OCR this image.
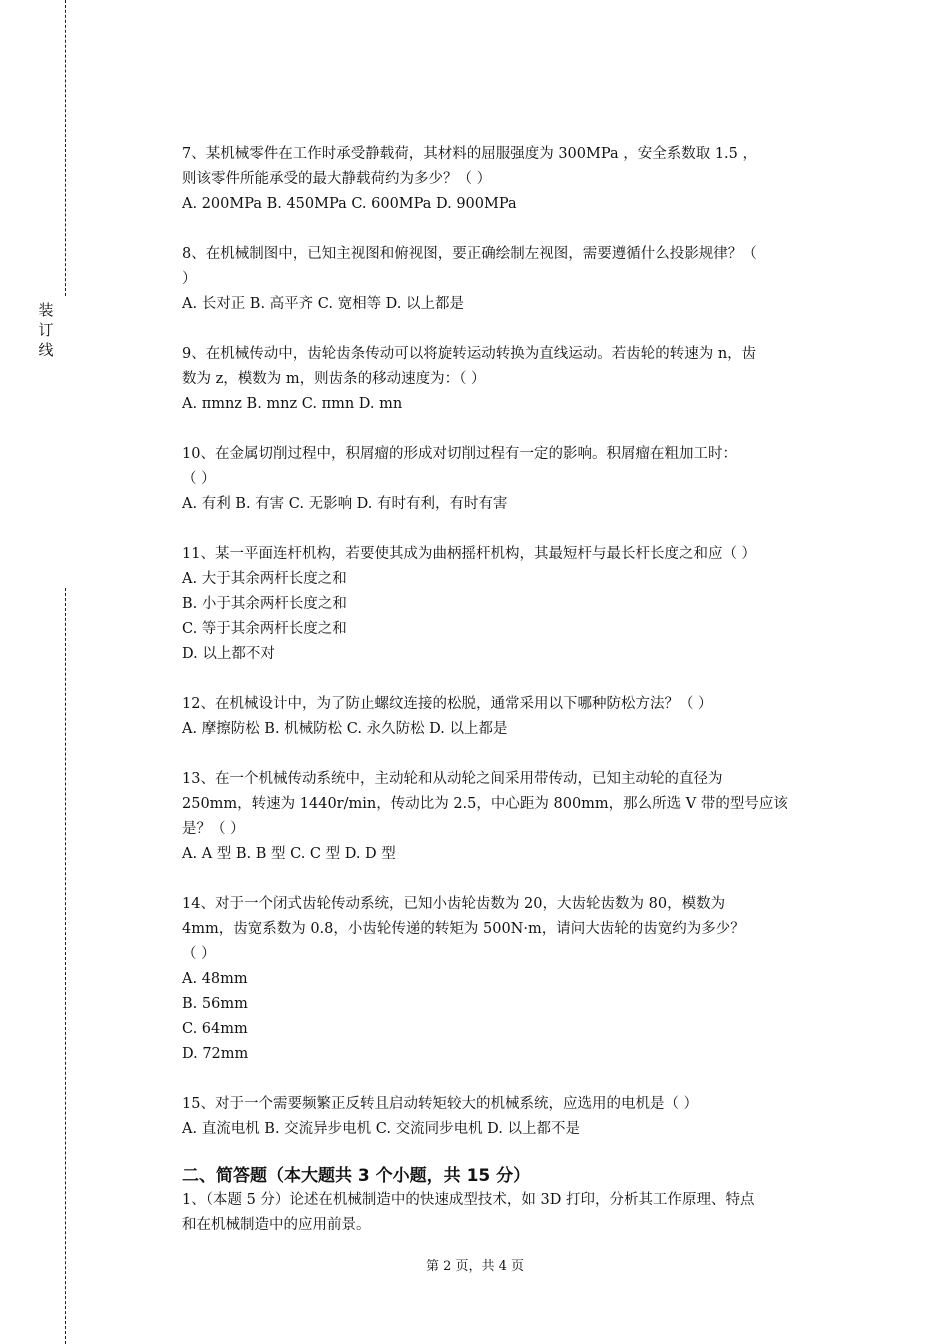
装
订
线
7、某机械零件在工作时承受静载荷，其材料的屈服强度为 300MPa ，安全系数取 1.5 ，
则该零件所能承受的最大静载荷约为多少？（ ）
A. 200MPa B. 450MPa C. 600MPa D. 900MPa
8、在机械制图中，已知主视图和俯视图，要正确绘制左视图，需要遵循什么投影规律？（
）
A. 长对正 B. 高平齐 C. 宽相等 D. 以上都是
9、在机械传动中，齿轮齿条传动可以将旋转运动转换为直线运动。若齿轮的转速为 n，齿
数为 z，模数为 m，则齿条的移动速度为：（ ）
A. πmnz B. mnz C. πmn D. mn
10、在金属切削过程中，积屑瘤的形成对切削过程有一定的影响。积屑瘤在粗加工时：
（ ）
A. 有利 B. 有害 C. 无影响 D. 有时有利，有时有害
11、某一平面连杆机构，若要使其成为曲柄摇杆机构，其最短杆与最长杆长度之和应（ ）
A. 大于其余两杆长度之和
B. 小于其余两杆长度之和
C. 等于其余两杆长度之和
D. 以上都不对
12、在机械设计中，为了防止螺纹连接的松脱，通常采用以下哪种防松方法？（ ）
A. 摩擦防松 B. 机械防松 C. 永久防松 D. 以上都是
13、在一个机械传动系统中，主动轮和从动轮之间采用带传动，已知主动轮的直径为
250mm，转速为 1440r/min，传动比为 2.5，中心距为 800mm，那么所选 V 带的型号应该
是？（ ）
A. A 型 B. B 型 C. C 型 D. D 型
14、对于一个闭式齿轮传动系统，已知小齿轮齿数为 20，大齿轮齿数为 80，模数为
4mm，齿宽系数为 0.8，小齿轮传递的转矩为 500N·m，请问大齿轮的齿宽约为多少？
（ ）
A. 48mm
B. 56mm
C. 64mm
D. 72mm
15、对于一个需要频繁正反转且启动转矩较大的机械系统，应选用的电机是（ ）
A. 直流电机 B. 交流异步电机 C. 交流同步电机 D. 以上都不是
二、简答题（本大题共 3 个小题，共 15 分）
1、（本题 5 分）论述在机械制造中的快速成型技术，如 3D 打印，分析其工作原理、特点
和在机械制造中的应用前景。
第 2 页，共 4 页
